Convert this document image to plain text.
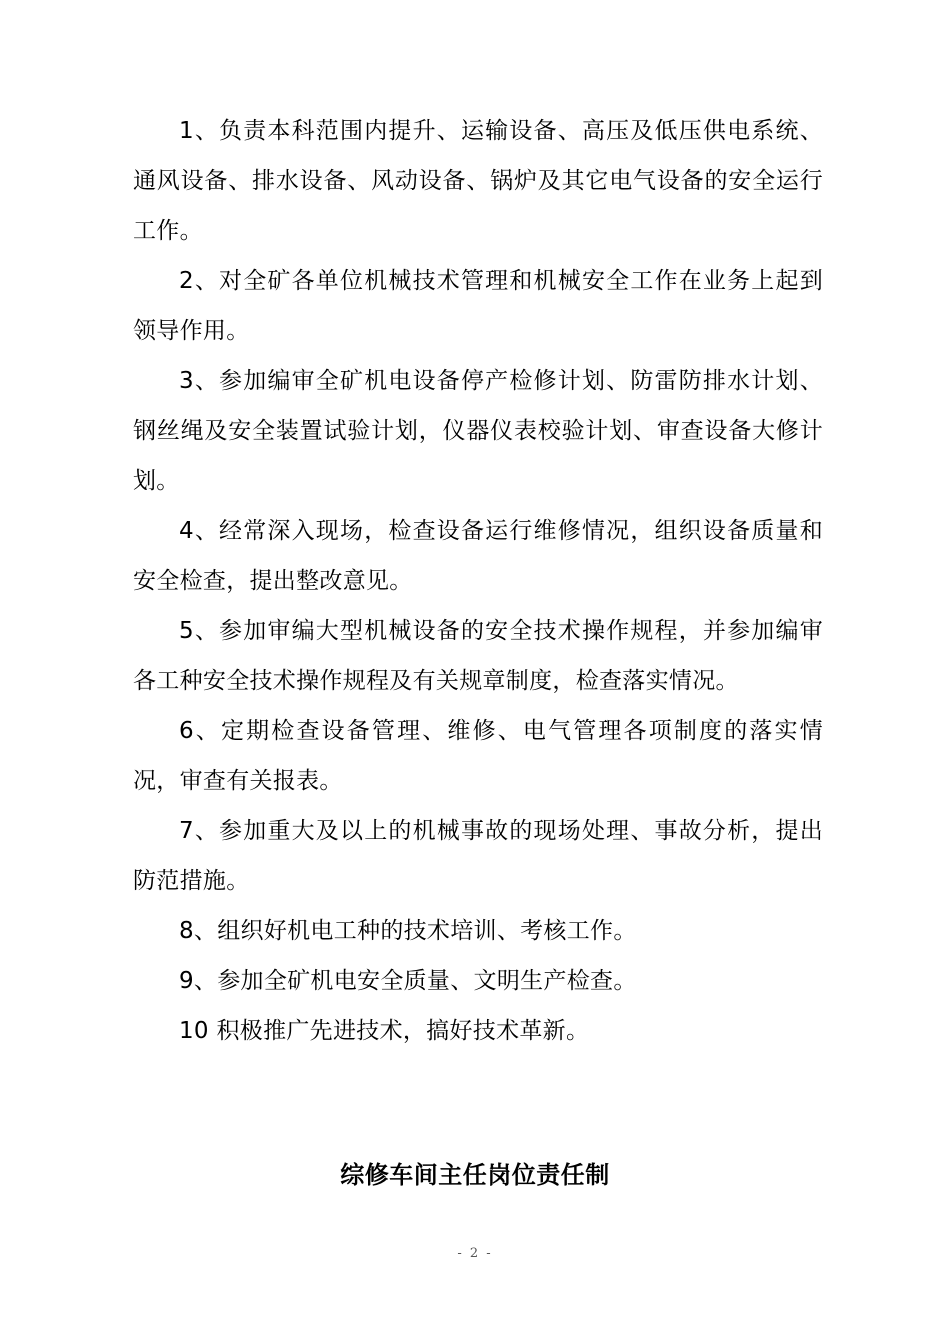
1、负责本科范围内提升、运输设备、高压及低压供电系统、通风设备、排水设备、风动设备、锅炉及其它电气设备的安全运行工作。

2、对全矿各单位机械技术管理和机械安全工作在业务上起到领导作用。

3、参加编审全矿机电设备停产检修计划、防雷防排水计划、钢丝绳及安全装置试验计划，仪器仪表校验计划、审查设备大修计划。

4、经常深入现场，检查设备运行维修情况，组织设备质量和安全检查，提出整改意见。

5、参加审编大型机械设备的安全技术操作规程，并参加编审各工种安全技术操作规程及有关规章制度，检查落实情况。

6、定期检查设备管理、维修、电气管理各项制度的落实情况，审查有关报表。

7、参加重大及以上的机械事故的现场处理、事故分析，提出防范措施。

8、组织好机电工种的技术培训、考核工作。

9、参加全矿机电安全质量、文明生产检查。

10 积极推广先进技术，搞好技术革新。

综修车间主任岗位责任制
- 2 -
